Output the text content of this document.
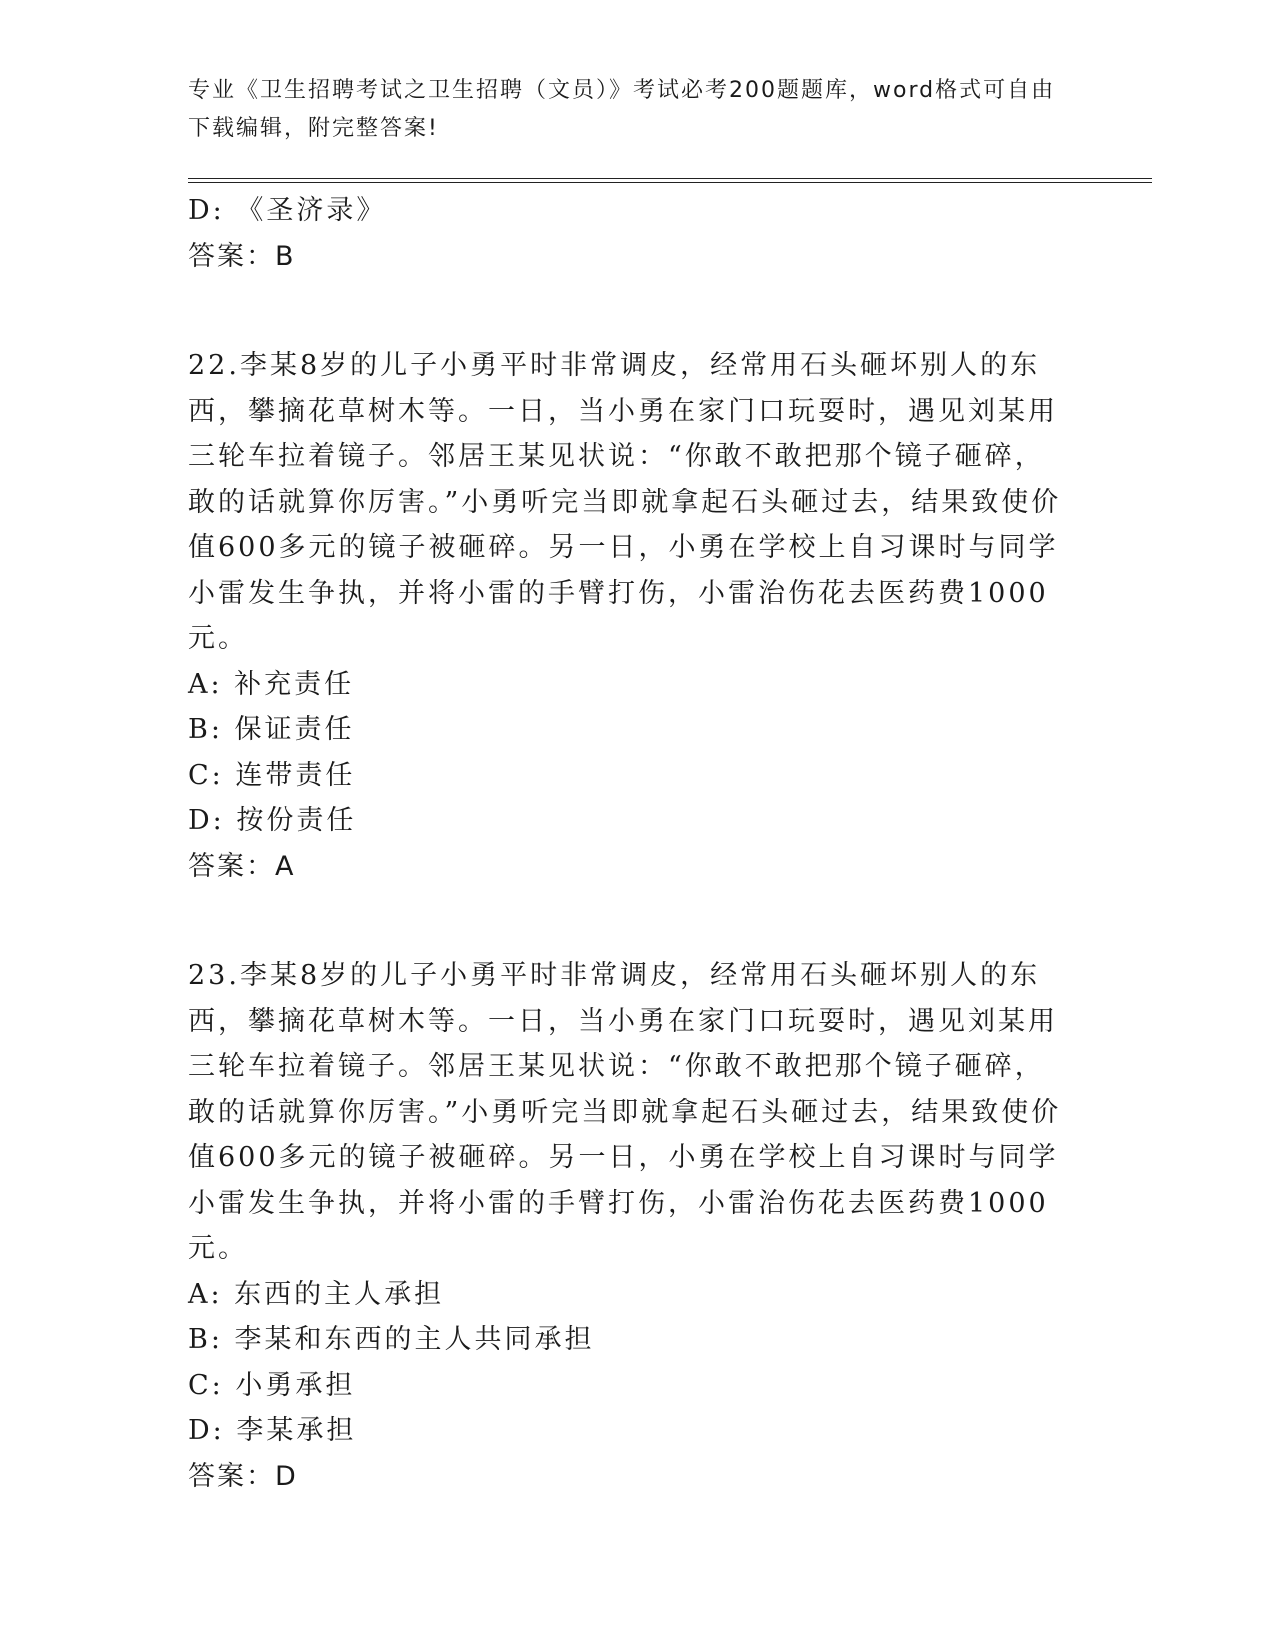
专业《卫生招聘考试之卫生招聘（文员）》考试必考200题题库，word格式可自由下载编辑，附完整答案!

D: 《圣济录》

答案：B

22.李某8岁的儿子小勇平时非常调皮，经常用石头砸坏别人的东西，攀摘花草树木等。一日，当小勇在家门口玩耍时，遇见刘某用三轮车拉着镜子。邻居王某见状说：“你敢不敢把那个镜子砸碎，敢的话就算你厉害。”小勇听完当即就拿起石头砸过去，结果致使价值600多元的镜子被砸碎。另一日，小勇在学校上自习课时与同学小雷发生争执，并将小雷的手臂打伤，小雷治伤花去医药费1000元。

A: 补充责任

B: 保证责任

C: 连带责任

D: 按份责任

答案：A

23.李某8岁的儿子小勇平时非常调皮，经常用石头砸坏别人的东西，攀摘花草树木等。一日，当小勇在家门口玩耍时，遇见刘某用三轮车拉着镜子。邻居王某见状说：“你敢不敢把那个镜子砸碎，敢的话就算你厉害。”小勇听完当即就拿起石头砸过去，结果致使价值600多元的镜子被砸碎。另一日，小勇在学校上自习课时与同学小雷发生争执，并将小雷的手臂打伤，小雷治伤花去医药费1000元。

A: 东西的主人承担

B: 李某和东西的主人共同承担

C: 小勇承担

D: 李某承担

答案：D
